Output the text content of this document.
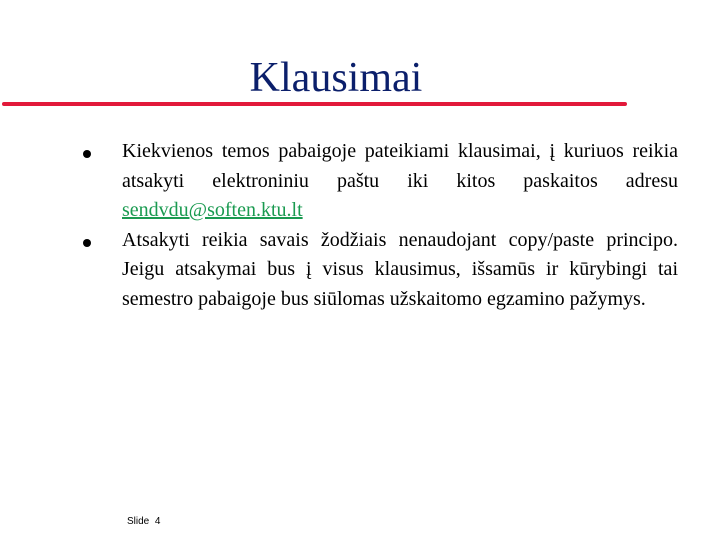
Klausimai
Kiekvienos temos pabaigoje pateikiami klausimai, į kuriuos reikia atsakyti elektroniniu paštu iki kitos paskaitos adresu sendvdu@soften.ktu.lt
Atsakyti reikia savais žodžiais nenaudojant copy/paste principo. Jeigu atsakymai bus į visus klausimus, išsamūs ir kūrybingi tai semestro pabaigoje bus siūlomas užskaitomo egzamino pažymys.
Slide 4
